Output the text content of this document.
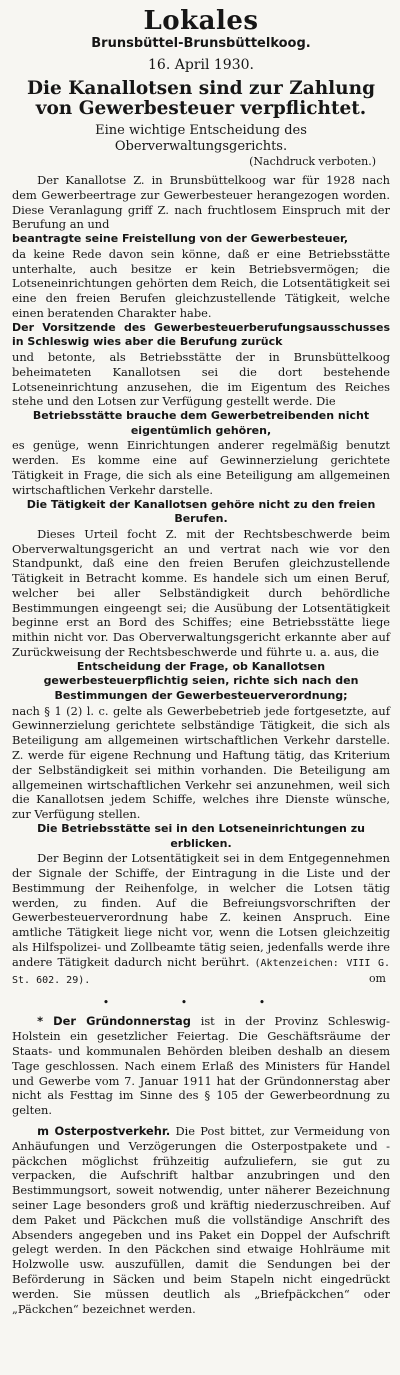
Lokales
Brunsbüttel-Brunsbüttelkoog.
16. April 1930.
Die Kanallotsen sind zur Zahlung
von Gewerbesteuer verpflichtet.
Eine wichtige Entscheidung des Oberverwaltungsgerichts.
(Nachdruck verboten.)

Der Kanallotse Z. in Brunsbüttelkoog war für 1928 nach dem Gewerbeertrage zur Gewerbesteuer herangezogen worden. Diese Veranlagung griff Z. nach fruchtlosem Einspruch mit der Berufung an und

beantragte seine Freistellung von der Gewerbesteuer,

da keine Rede davon sein könne, daß er eine Betriebsstätte unterhalte, auch besitze er kein Betriebsvermögen; die Lotseneinrichtungen gehörten dem Reich, die Lotsentätigkeit sei eine den freien Berufen gleichzustellende Tätigkeit, welche einen beratenden Charakter habe.

Der Vorsitzende des Gewerbesteuerberufungsausschusses in Schleswig wies aber die Berufung zurück

und betonte, als Betriebsstätte der in Brunsbüttelkoog beheimateten Kanallotsen sei die dort bestehende Lotseneinrichtung anzusehen, die im Eigentum des Reiches stehe und den Lotsen zur Verfügung gestellt werde. Die

Betriebsstätte brauche dem Gewerbetreibenden nicht eigentümlich gehören,

es genüge, wenn Einrichtungen anderer regelmäßig benutzt werden. Es komme eine auf Gewinnerzielung gerichtete Tätigkeit in Frage, die sich als eine Beteiligung am allgemeinen wirtschaftlichen Verkehr darstelle.

Die Tätigkeit der Kanallotsen gehöre nicht zu den freien Berufen.

Dieses Urteil focht Z. mit der Rechtsbeschwerde beim Oberverwaltungsgericht an und vertrat nach wie vor den Standpunkt, daß eine den freien Berufen gleichzustellende Tätigkeit in Betracht komme. Es handele sich um einen Beruf, welcher bei aller Selbständigkeit durch behördliche Bestimmungen eingeengt sei; die Ausübung der Lotsentätigkeit beginne erst an Bord des Schiffes; eine Betriebsstätte liege mithin nicht vor. Das Oberverwaltungsgericht erkannte aber auf Zurückweisung der Rechtsbeschwerde und führte u. a. aus, die

Entscheidung der Frage, ob Kanallotsen gewerbesteuerpflichtig seien, richte sich nach den Bestimmungen der Gewerbesteuerverordnung;

nach § 1 (2) l. c. gelte als Gewerbebetrieb jede fortgesetzte, auf Gewinnerzielung gerichtete selbständige Tätigkeit, die sich als Beteiligung am allgemeinen wirtschaftlichen Verkehr darstelle. Z. werde für eigene Rechnung und Haftung tätig, das Kriterium der Selbständigkeit sei mithin vorhanden. Die Beteiligung am allgemeinen wirtschaftlichen Verkehr sei anzunehmen, weil sich die Kanallotsen jedem Schiffe, welches ihre Dienste wünsche, zur Verfügung stellen.

Die Betriebsstätte sei in den Lotseneinrichtungen zu erblicken.

Der Beginn der Lotsentätigkeit sei in dem Entgegennehmen der Signale der Schiffe, der Eintragung in die Liste und der Bestimmung der Reihenfolge, in welcher die Lotsen tätig werden, zu finden. Auf die Befreiungsvorschriften der Gewerbesteuerverordnung habe Z. keinen Anspruch. Eine amtliche Tätigkeit liege nicht vor, wenn die Lotsen gleichzeitig als Hilfspolizei- und Zollbeamte tätig seien, jedenfalls werde ihre andere Tätigkeit dadurch nicht berührt. (Aktenzeichen: VIII G. St. 602. 29).	om

• • •

* Der Gründonnerstag ist in der Provinz Schleswig-Holstein ein gesetzlicher Feiertag. Die Geschäftsräume der Staats- und kommunalen Behörden bleiben deshalb an diesem Tage geschlossen. Nach einem Erlaß des Ministers für Handel und Gewerbe vom 7. Januar 1911 hat der Gründonnerstag aber nicht als Festtag im Sinne des § 105 der Gewerbeordnung zu gelten.

m Osterpostverkehr. Die Post bittet, zur Vermeidung von Anhäufungen und Verzögerungen die Osterpostpakete und -päckchen möglichst frühzeitig aufzuliefern, sie gut zu verpacken, die Aufschrift haltbar anzubringen und den Bestimmungsort, soweit notwendig, unter näherer Bezeichnung seiner Lage besonders groß und kräftig niederzuschreiben. Auf dem Paket und Päckchen muß die vollständige Anschrift des Absenders angegeben und ins Paket ein Doppel der Aufschrift gelegt werden. In den Päckchen sind etwaige Hohlräume mit Holzwolle usw. auszufüllen, damit die Sendungen bei der Beförderung in Säcken und beim Stapeln nicht eingedrückt werden. Sie müssen deutlich als „Briefpäckchen“ oder „Päckchen“ bezeichnet werden.
